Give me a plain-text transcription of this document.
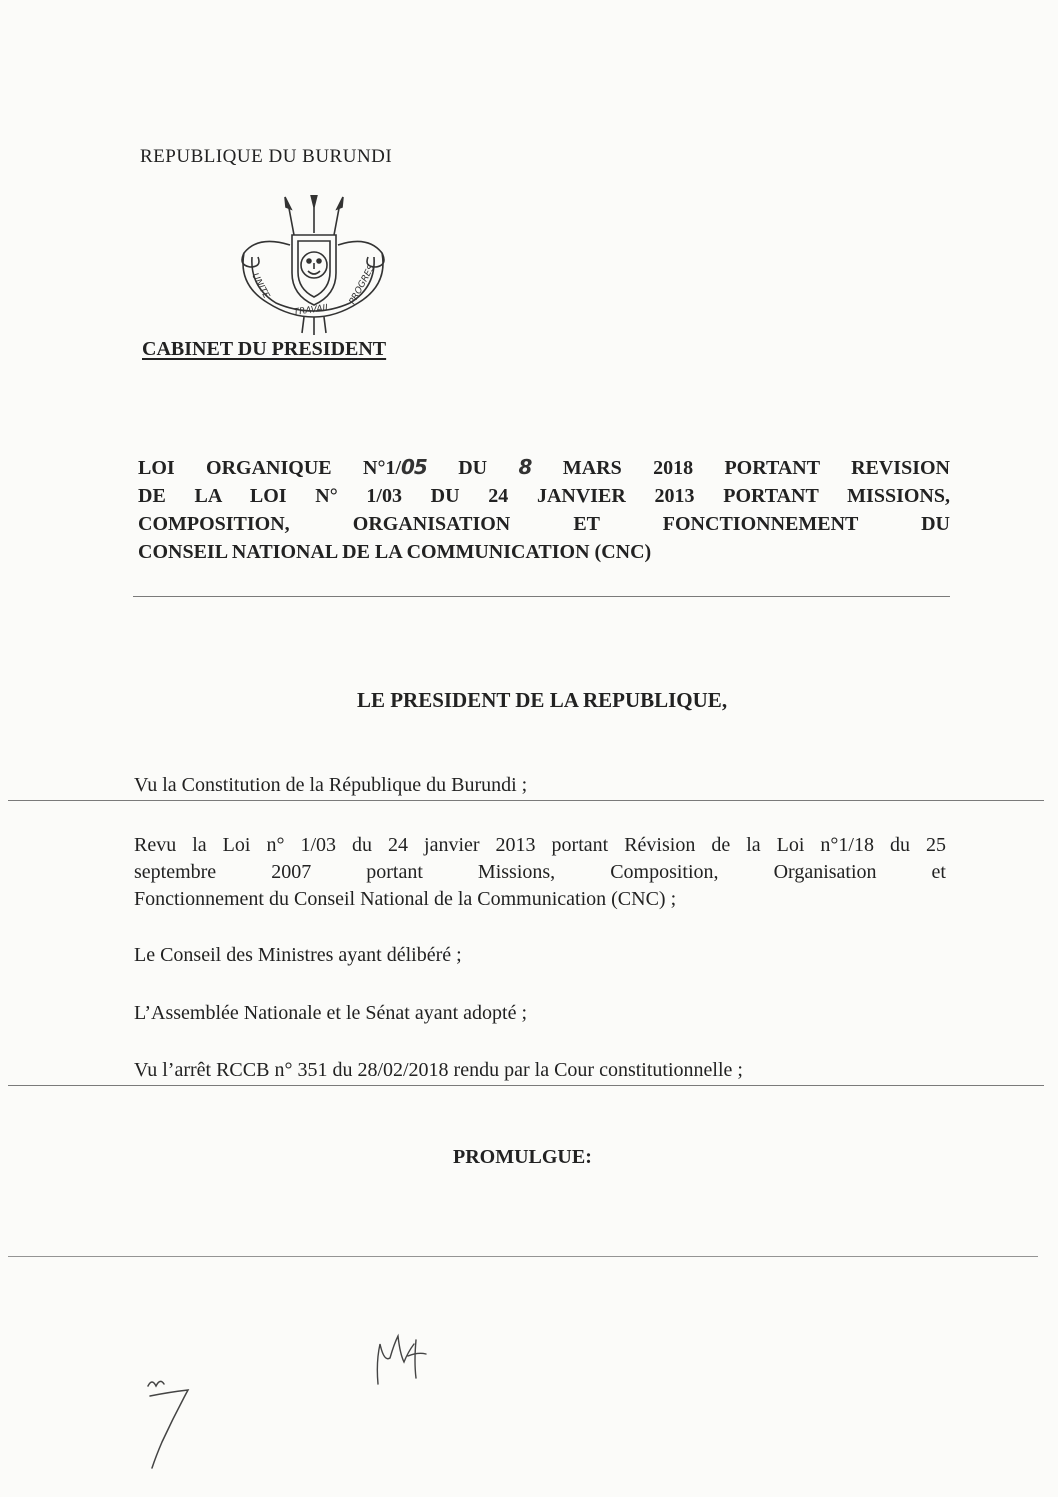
REPUBLIQUE DU BURUNDI
UNITE
TRAVAIL
PROGRES
CABINET DU PRESIDENT
LOI ORGANIQUE N°1/05 DU 8 MARS 2018 PORTANT REVISION
DE LA LOI N° 1/03 DU 24 JANVIER 2013 PORTANT MISSIONS,
COMPOSITION, ORGANISATION ET FONCTIONNEMENT DU
CONSEIL NATIONAL DE LA COMMUNICATION (CNC)
LE PRESIDENT DE LA REPUBLIQUE,
Vu la Constitution de la République du Burundi ;
Revu la Loi n° 1/03 du 24 janvier 2013 portant Révision de la Loi n°1/18 du 25
septembre 2007 portant Missions, Composition, Organisation et
Fonctionnement du Conseil National de la Communication (CNC) ;
Le Conseil des Ministres ayant délibéré ;
L’Assemblée Nationale et le Sénat ayant adopté ;
Vu l’arrêt RCCB n° 351 du 28/02/2018 rendu par la Cour constitutionnelle ;
PROMULGUE:
